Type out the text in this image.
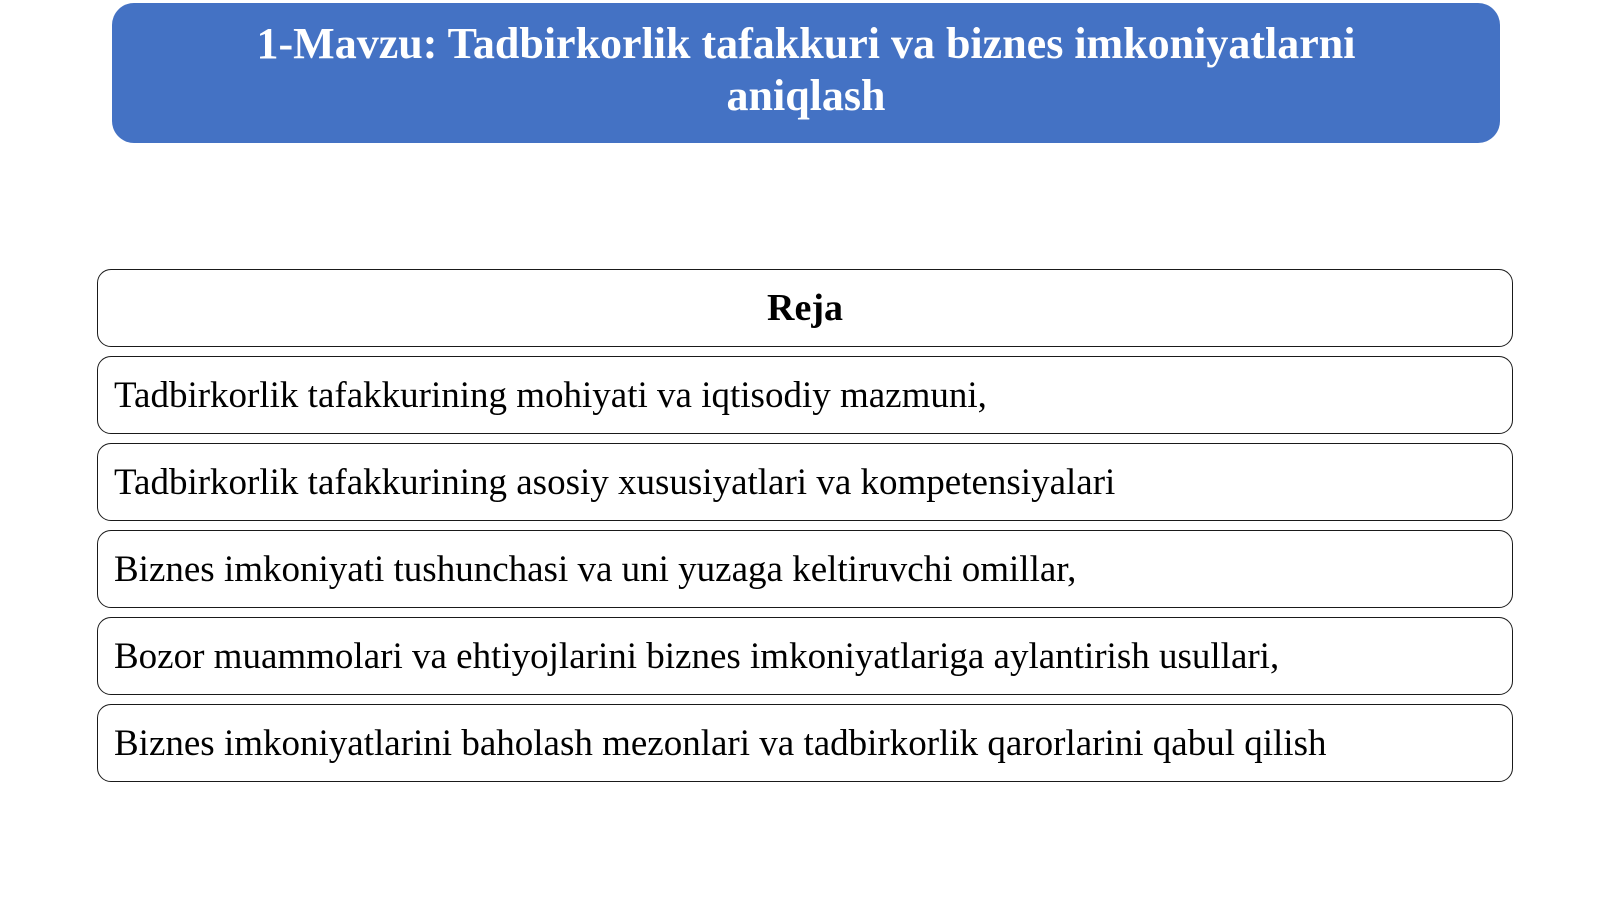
1-Mavzu: Tadbirkorlik tafakkuri va biznes imkoniyatlarni aniqlash
Reja
Tadbirkorlik tafakkurining mohiyati va iqtisodiy mazmuni,
Tadbirkorlik tafakkurining asosiy xususiyatlari va kompetensiyalari
Biznes imkoniyati tushunchasi va uni yuzaga keltiruvchi omillar,
Bozor muammolari va ehtiyojlarini biznes imkoniyatlariga aylantirish usullari,
Biznes imkoniyatlarini baholash mezonlari va tadbirkorlik qarorlarini qabul qilish
